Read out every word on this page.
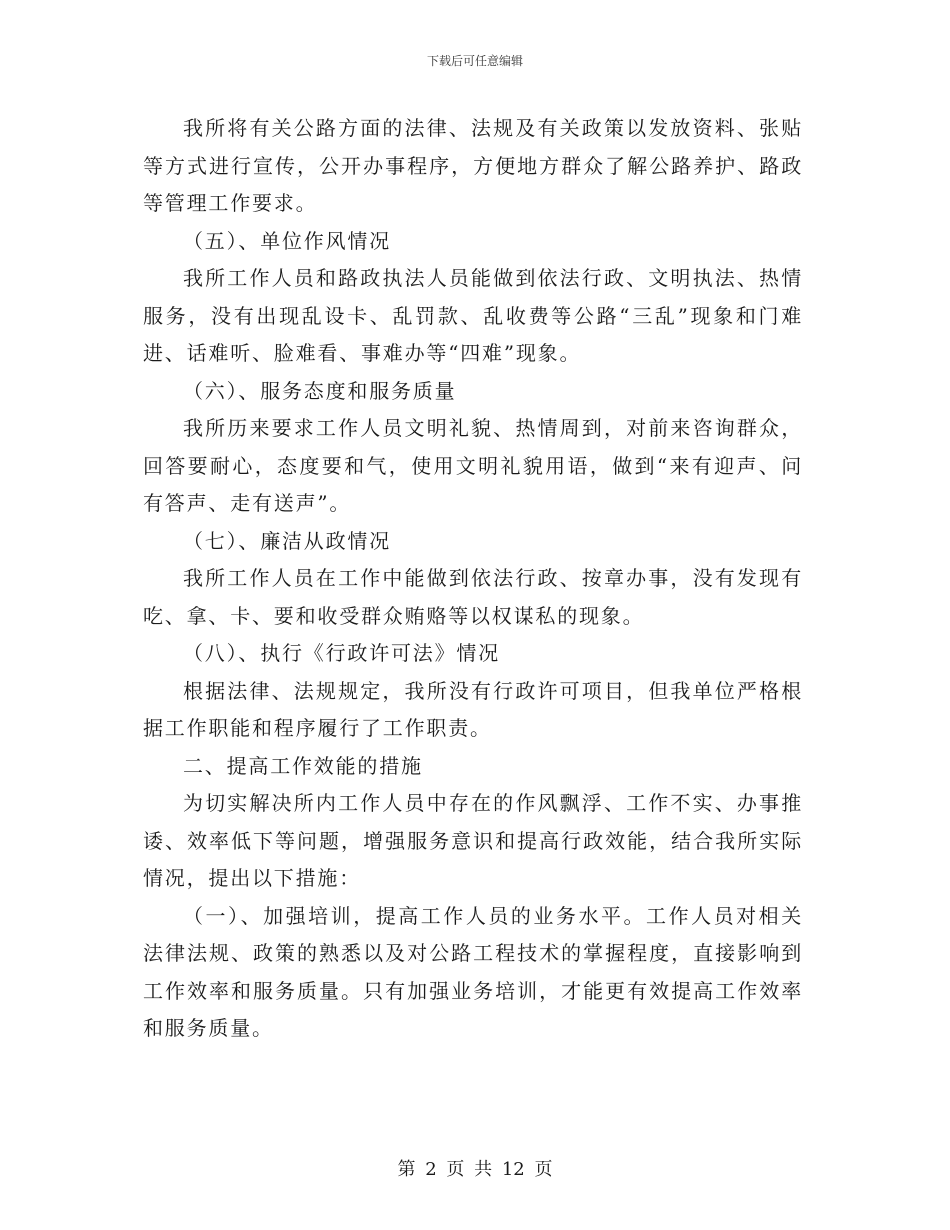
下载后可任意编辑

我所将有关公路方面的法律、法规及有关政策以发放资料、张贴等方式进行宣传，公开办事程序，方便地方群众了解公路养护、路政等管理工作要求。

（五）、单位作风情况

我所工作人员和路政执法人员能做到依法行政、文明执法、热情服务，没有出现乱设卡、乱罚款、乱收费等公路“三乱”现象和门难进、话难听、脸难看、事难办等“四难”现象。

（六）、服务态度和服务质量

我所历来要求工作人员文明礼貌、热情周到，对前来咨询群众，回答要耐心，态度要和气，使用文明礼貌用语，做到“来有迎声、问有答声、走有送声”。

（七）、廉洁从政情况

我所工作人员在工作中能做到依法行政、按章办事，没有发现有吃、拿、卡、要和收受群众贿赂等以权谋私的现象。

（八）、执行《行政许可法》情况

根据法律、法规规定，我所没有行政许可项目，但我单位严格根据工作职能和程序履行了工作职责。

二、提高工作效能的措施

为切实解决所内工作人员中存在的作风飘浮、工作不实、办事推诿、效率低下等问题，增强服务意识和提高行政效能，结合我所实际情况，提出以下措施：

（一）、加强培训，提高工作人员的业务水平。工作人员对相关法律法规、政策的熟悉以及对公路工程技术的掌握程度，直接影响到工作效率和服务质量。只有加强业务培训，才能更有效提高工作效率和服务质量。

第 2 页 共 12 页
